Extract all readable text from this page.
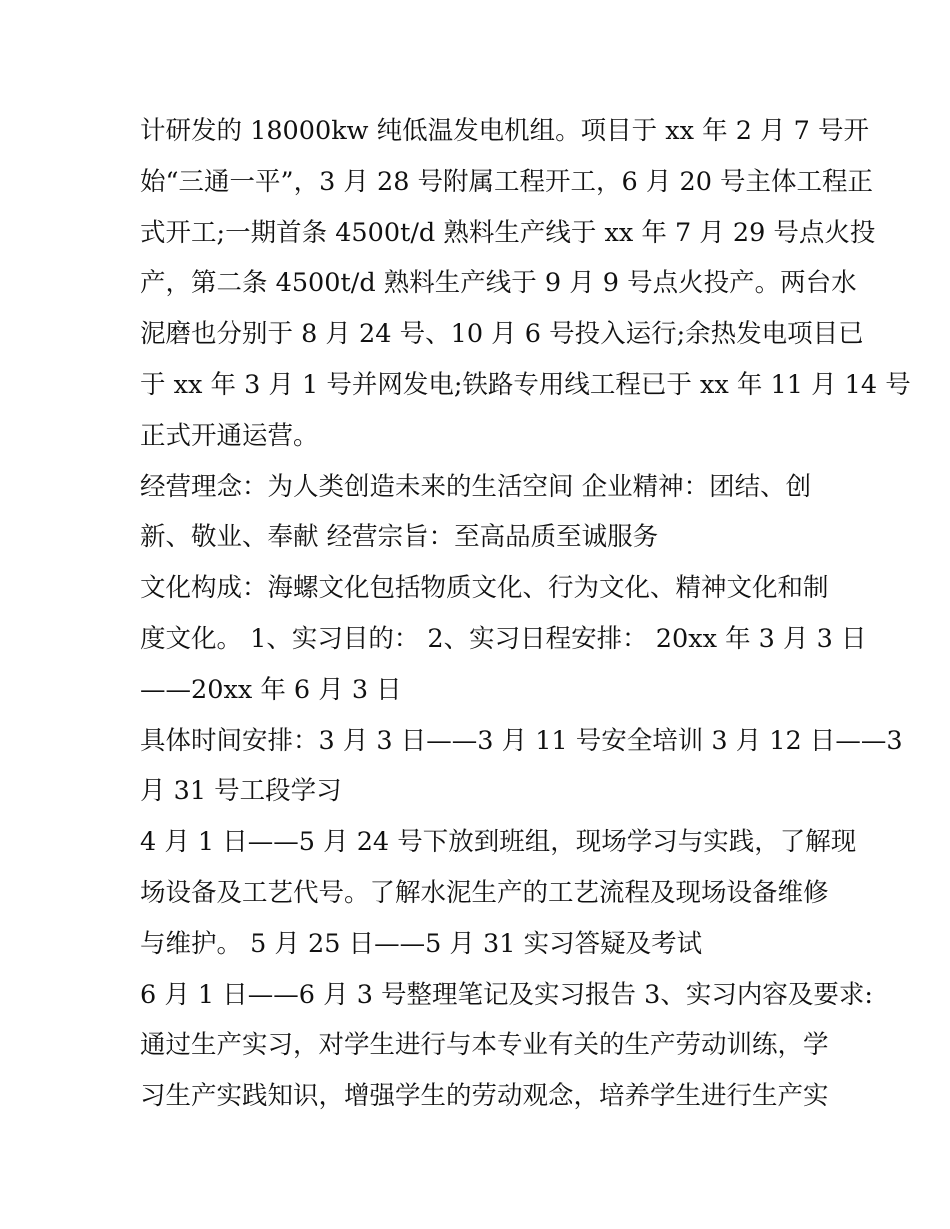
计研发的 18000kw 纯低温发电机组。项目于 xx 年 2 月 7 号开
始“三通一平”，3 月 28 号附属工程开工，6 月 20 号主体工程正
式开工;一期首条 4500t/d 熟料生产线于 xx 年 7 月 29 号点火投
产，第二条 4500t/d 熟料生产线于 9 月 9 号点火投产。两台水
泥磨也分别于 8 月 24 号、10 月 6 号投入运行;余热发电项目已
于 xx 年 3 月 1 号并网发电;铁路专用线工程已于 xx 年 11 月 14 号
正式开通运营。
经营理念：为人类创造未来的生活空间 企业精神：团结、创
新、敬业、奉献 经营宗旨：至高品质至诚服务
文化构成：海螺文化包括物质文化、行为文化、精神文化和制
度文化。 1、实习目的： 2、实习日程安排： 20xx 年 3 月 3 日
——20xx 年 6 月 3 日
具体时间安排：3 月 3 日——3 月 11 号安全培训 3 月 12 日——3
月 31 号工段学习
4 月 1 日——5 月 24 号下放到班组，现场学习与实践，了解现
场设备及工艺代号。了解水泥生产的工艺流程及现场设备维修
与维护。 5 月 25 日——5 月 31 实习答疑及考试
6 月 1 日——6 月 3 号整理笔记及实习报告 3、实习内容及要求:
通过生产实习，对学生进行与本专业有关的生产劳动训练，学
习生产实践知识，增强学生的劳动观念，培养学生进行生产实
